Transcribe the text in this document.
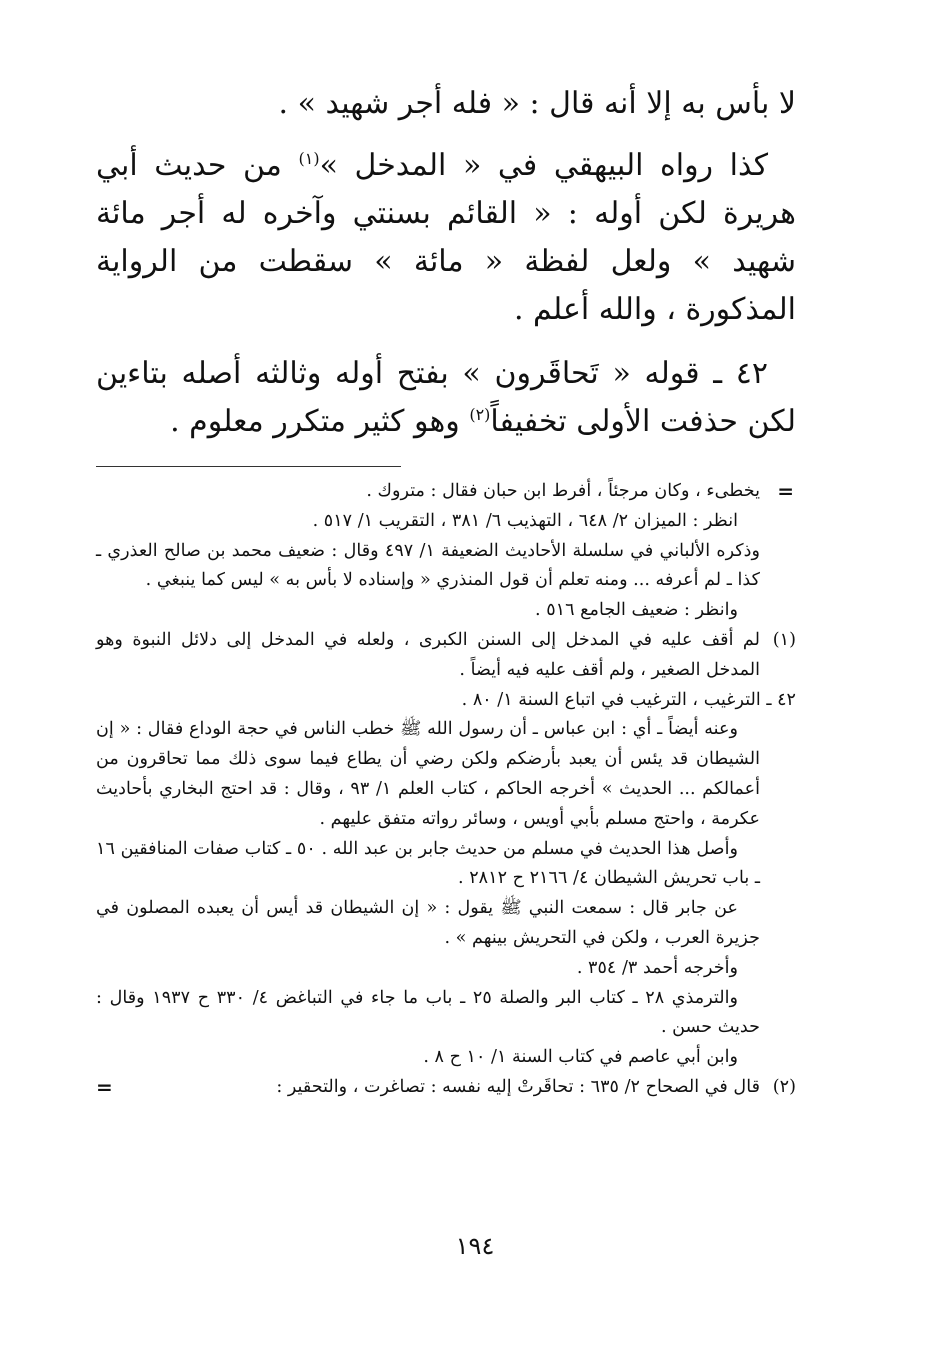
لا بأس به إلا أنه قال : « فله أجر شهيد » .

كذا رواه البيهقي في « المدخل »$^{(١)}$ من حديث أبي هريرة لكن أوله : « القائم بسنتي وآخره له أجر مائة شهيد » ولعل لفظة « مائة » سقطت من الرواية المذكورة ، والله أعلم .

٤٢ ـ قوله « تَحاقَرون » بفتح أوله وثالثه أصله بتاءين لكن حذفت الأولى تخفيفاً$^{(٢)}$ وهو كثير متكرر معلوم .

=
يخطىء ، وكان مرجئاً ، أفرط ابن حبان فقال : متروك .

انظر : الميزان ٢/ ٦٤٨ ، التهذيب ٦/ ٣٨١ ، التقريب ١/ ٥١٧ .

وذكره الألباني في سلسلة الأحاديث الضعيفة ١/ ٤٩٧ وقال : ضعيف محمد بن صالح العذري ـ كذا ـ لم أعرفه ... ومنه تعلم أن قول المنذري « وإسناده لا بأس به » ليس كما ينبغي .

وانظر : ضعيف الجامع ٥١٦ .

(١)
لم أقف عليه في المدخل إلى السنن الكبرى ، ولعله في المدخل إلى دلائل النبوة وهو المدخل الصغير ، ولم أقف عليه فيه أيضاً .

٤٢ ـ الترغيب ، الترغيب في اتباع السنة ١/ ٨٠ .

وعنه أيضاً ـ أي : ابن عباس ـ أن رسول الله ﷺ خطب الناس في حجة الوداع فقال : « إن الشيطان قد يئس أن يعبد بأرضكم ولكن رضي أن يطاع فيما سوى ذلك مما تحاقرون من أعمالكم ... الحديث » أخرجه الحاكم ، كتاب العلم ١/ ٩٣ ، وقال : قد احتج البخاري بأحاديث عكرمة ، واحتج مسلم بأبي أويس ، وسائر رواته متفق عليهم .

وأصل هذا الحديث في مسلم من حديث جابر بن عبد الله . ٥٠ ـ كتاب صفات المنافقين ١٦ ـ باب تحريش الشيطان ٤/ ٢١٦٦ ح ٢٨١٢ .

عن جابر قال : سمعت النبي ﷺ يقول : « إن الشيطان قد أيس أن يعبده المصلون في جزيرة العرب ، ولكن في التحريش بينهم » .

وأخرجه أحمد ٣/ ٣٥٤ .

والترمذي ٢٨ ـ كتاب البر والصلة ٢٥ ـ باب ما جاء في التباغض ٤/ ٣٣٠ ح ١٩٣٧ وقال : حديث حسن .

وابن أبي عاصم في كتاب السنة ١/ ١٠ ح ٨ .

(٢)
قال في الصحاح ٢/ ٦٣٥ : تحاقَرتْ إليه نفسه : تصاغرت ، والتحقير :
=

١٩٤
